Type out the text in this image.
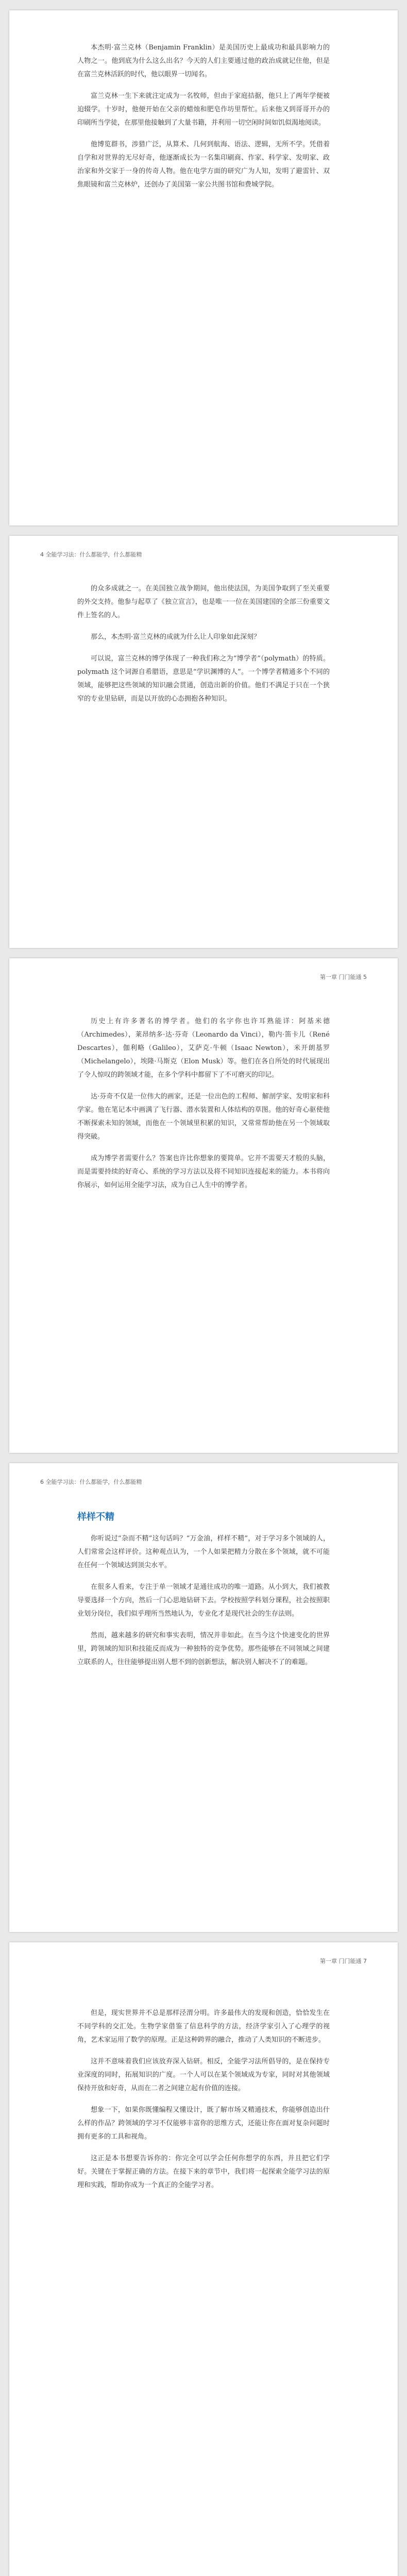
本杰明·富兰克林（Benjamin Franklin）是美国历史上最成功和最具影响力的人物之一。他到底为什么这么出名？今天的人们主要通过他的政治成就记住他，但是在富兰克林活跃的时代，他以眼界一切闻名。

富兰克林一生下来就注定成为一名牧师，但由于家庭拮据，他只上了两年学便被迫辍学。十岁时，他便开始在父亲的蜡烛和肥皂作坊里帮忙。后来他又到哥哥开办的印刷所当学徒，在那里他接触到了大量书籍，并利用一切空闲时间如饥似渴地阅读。

他博览群书，涉猎广泛，从算术、几何到航海、语法、逻辑，无所不学。凭借着自学和对世界的无尽好奇，他逐渐成长为一名集印刷商、作家、科学家、发明家、政治家和外交家于一身的传奇人物。他在电学方面的研究广为人知，发明了避雷针、双焦眼镜和富兰克林炉，还创办了美国第一家公共图书馆和费城学院。

4 全能学习法：什么都能学，什么都能精

的众多成就之一。在美国独立战争期间，他出使法国，为美国争取到了至关重要的外交支持。他参与起草了《独立宣言》，也是唯一一位在美国建国的全部三份重要文件上签名的人。

那么，本杰明·富兰克林的成就为什么让人印象如此深刻？

可以说，富兰克林的博学体现了一种我们称之为“博学者”（polymath）的特质。polymath 这个词源自希腊语，意思是“学识渊博的人”。一个博学者精通多个不同的领域，能够把这些领域的知识融会贯通，创造出新的价值。他们不满足于只在一个狭窄的专业里钻研，而是以开放的心态拥抱各种知识。

第一章 门门能通 5

历史上有许多著名的博学者。他们的名字你也许耳熟能详：阿基米德（Archimedes），莱昂纳多·达·芬奇（Leonardo da Vinci），勒内·笛卡儿（René Descartes），伽利略（Galileo），艾萨克·牛顿（Isaac Newton），米开朗基罗（Michelangelo），埃隆·马斯克（Elon Musk）等。他们在各自所处的时代展现出了令人惊叹的跨领域才能，在多个学科中都留下了不可磨灭的印记。

达·芬奇不仅是一位伟大的画家，还是一位出色的工程师、解剖学家、发明家和科学家。他在笔记本中画满了飞行器、潜水装置和人体结构的草图。他的好奇心驱使他不断探索未知的领域，而他在一个领域里积累的知识，又常常帮助他在另一个领域取得突破。

成为博学者需要什么？答案也许比你想象的要简单。它并不需要天才般的头脑，而是需要持续的好奇心、系统的学习方法以及将不同知识连接起来的能力。本书将向你展示，如何运用全能学习法，成为自己人生中的博学者。

6 全能学习法：什么都能学，什么都能精
样样不精

你听说过“杂而不精”这句话吗？“万金油，样样不精”，对于学习多个领域的人，人们常常会这样评价。这种观点认为，一个人如果把精力分散在多个领域，就不可能在任何一个领域达到顶尖水平。

在很多人看来，专注于单一领域才是通往成功的唯一道路。从小到大，我们被教导要选择一个方向，然后一门心思地钻研下去。学校按照学科划分课程，社会按照职业划分岗位，我们似乎理所当然地认为，专业化才是现代社会的生存法则。

然而，越来越多的研究和事实表明，情况并非如此。在当今这个快速变化的世界里，跨领域的知识和技能反而成为一种独特的竞争优势。那些能够在不同领域之间建立联系的人，往往能够提出别人想不到的创新想法，解决别人解决不了的难题。

第一章 门门能通 7

但是，现实世界并不总是那样泾渭分明。许多最伟大的发现和创造，恰恰发生在不同学科的交汇处。生物学家借鉴了信息科学的方法，经济学家引入了心理学的视角，艺术家运用了数学的原理。正是这种跨界的融合，推动了人类知识的不断进步。

这并不意味着我们应该放弃深入钻研。相反，全能学习法所倡导的，是在保持专业深度的同时，拓展知识的广度。一个人可以在某个领域成为专家，同时对其他领域保持开放和好奇，从而在二者之间建立起有价值的连接。

想象一下，如果你既懂编程又懂设计，既了解市场又精通技术，你能够创造出什么样的作品？跨领域的学习不仅能够丰富你的思维方式，还能让你在面对复杂问题时拥有更多的工具和视角。

这正是本书想要告诉你的：你完全可以学会任何你想学的东西，并且把它们学好。关键在于掌握正确的方法。在接下来的章节中，我们将一起探索全能学习法的原理和实践，帮助你成为一个真正的全能学习者。
